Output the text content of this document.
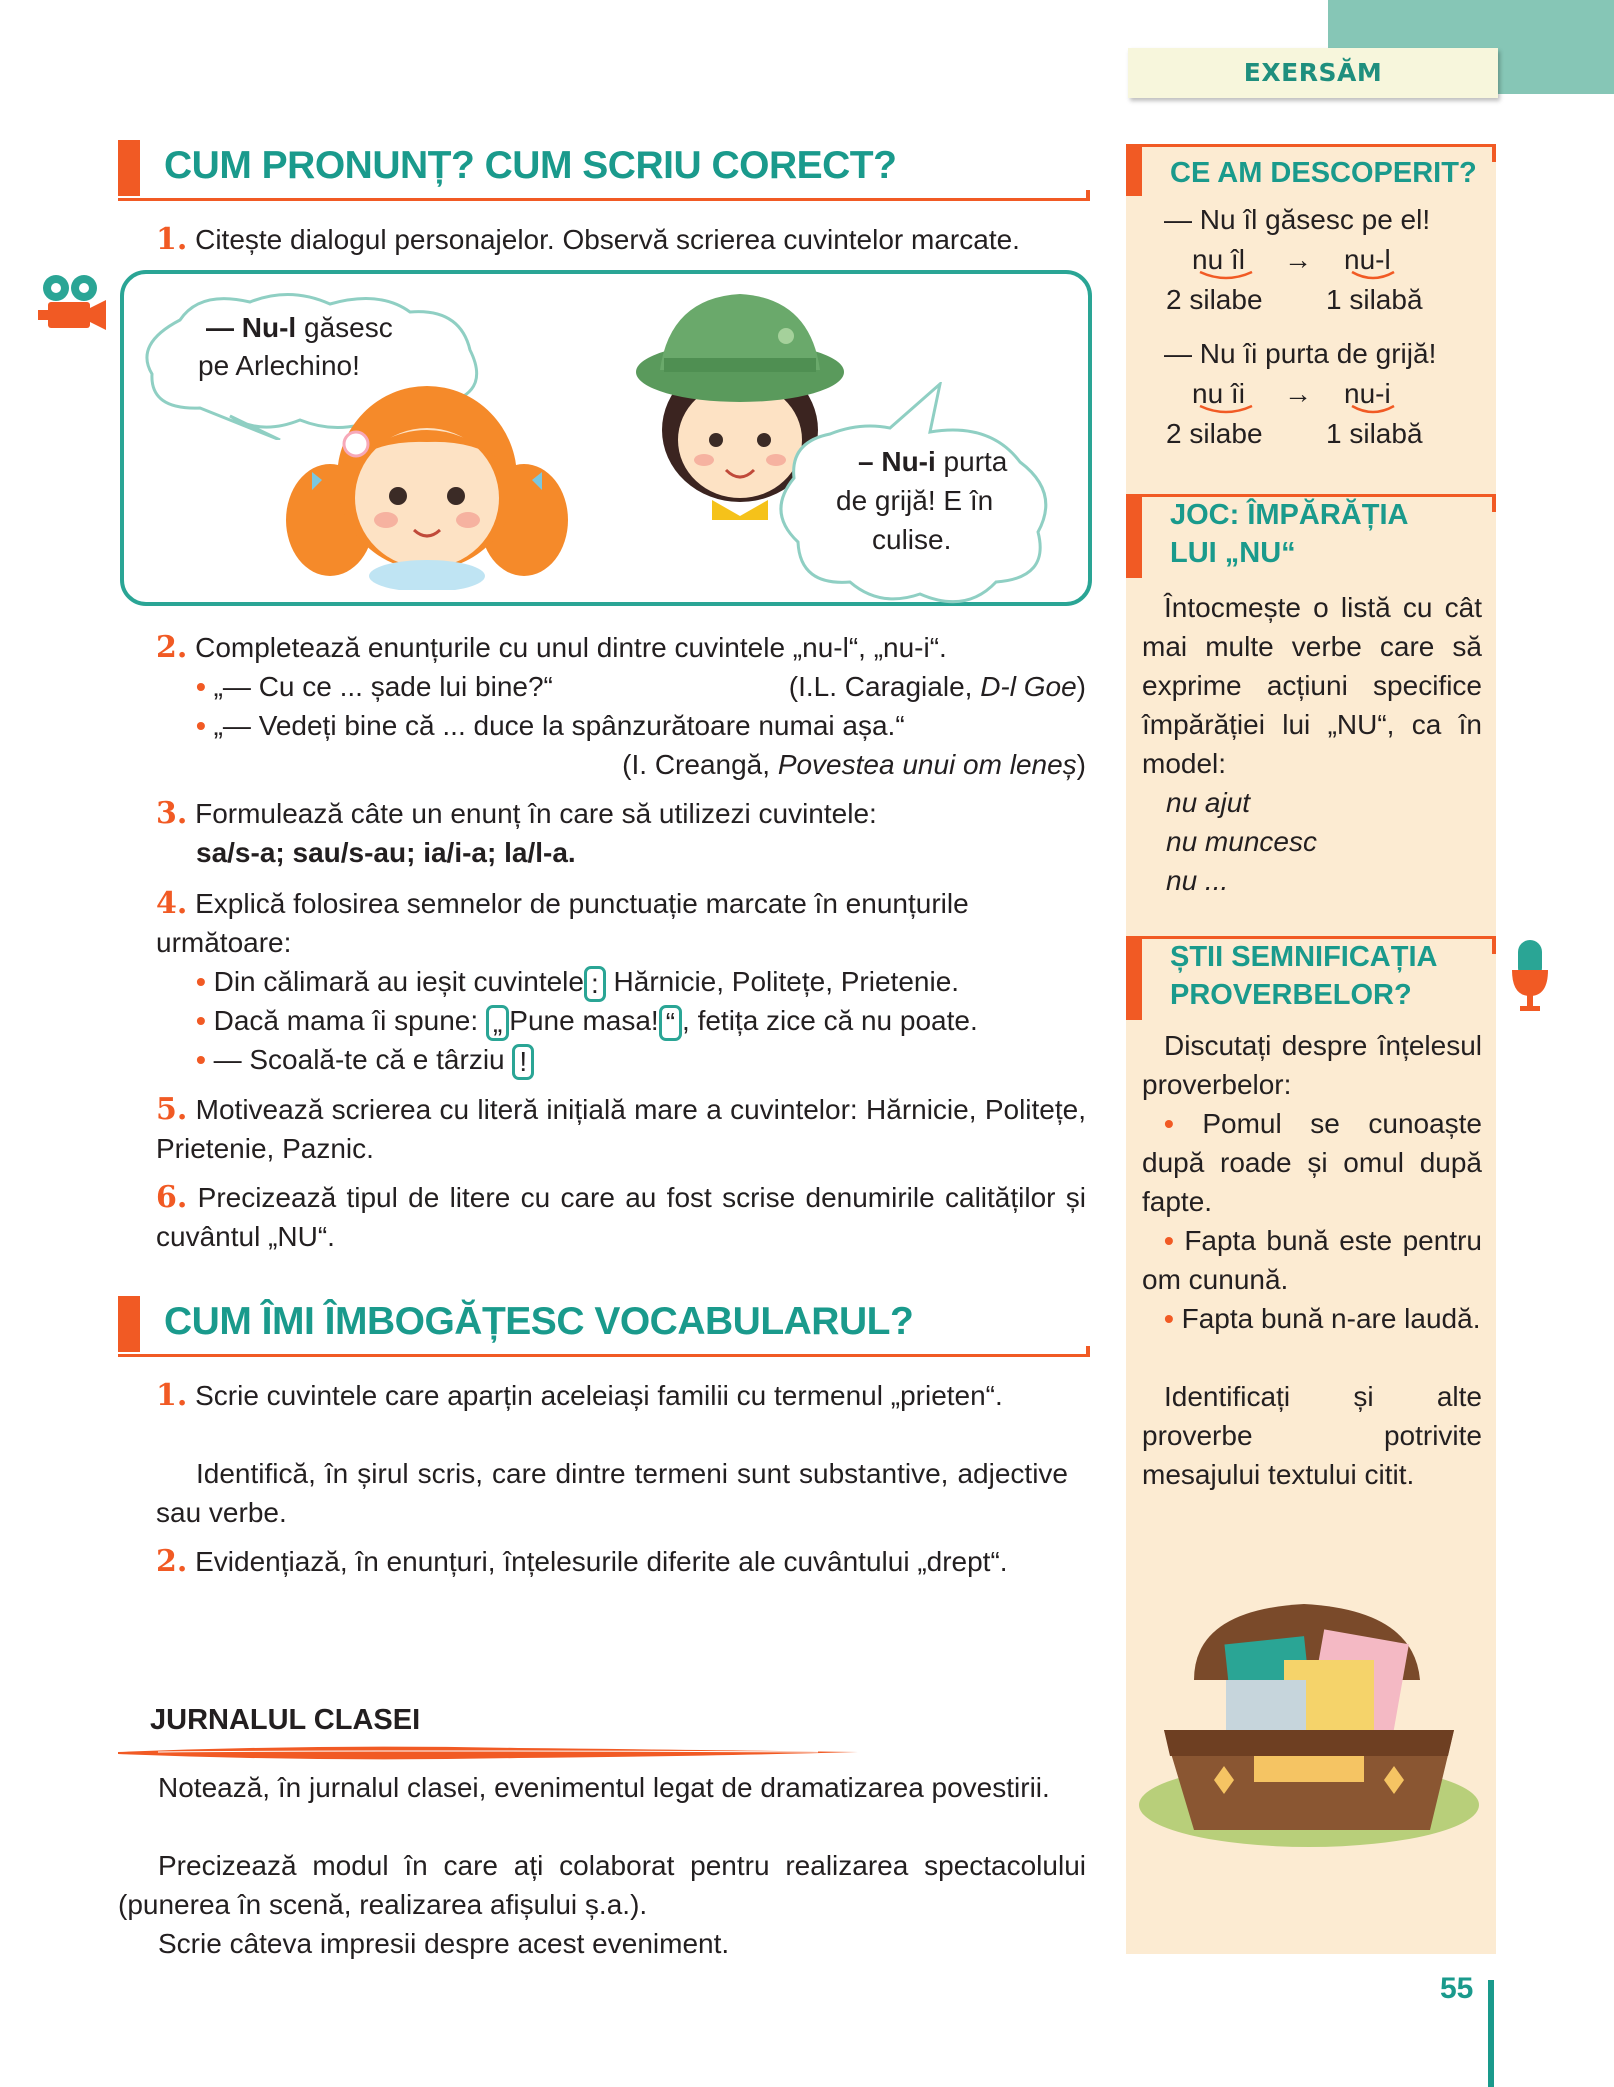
EXERSĂM
CUM PRONUNȚ? CUM SCRIU CORECT?
1. Citește dialogul personajelor. Observă scrierea cuvintelor marcate.
— Nu-l găsesc
pe Arlechino!
– Nu-i purta
de grijă! E în
culise.
2. Completează enunțurile cu unul dintre cuvintele „nu-l“, „nu-i“.
• „— Cu ce ... șade lui bine?“	(I.L. Caragiale, D-l Goe)
• „— Vedeți bine că ... duce la spânzurătoare numai așa.“
(I. Creangă, Povestea unui om leneș)
3. Formulează câte un enunț în care să utilizezi cuvintele:
sa/s-a; sau/s-au; ia/i-a; la/l-a.
4. Explică folosirea semnelor de punctuație marcate în enunțurile următoare:
• Din călimară au ieșit cuvintele : Hărnicie, Politețe, Prietenie.
• Dacă mama îi spune: „ Pune masa! “ , fetița zice că nu poate.
• — Scoală-te că e târziu !
5. Motivează scrierea cu literă inițială mare a cuvintelor: Hărnicie, Politețe, Prietenie, Paznic.
6. Precizează tipul de litere cu care au fost scrise denumirile calităților și cuvântul „NU“.
CUM ÎMI ÎMBOGĂȚESC VOCABULARUL?
1. Scrie cuvintele care aparțin aceleiași familii cu termenul „prieten“.
Identifică, în șirul scris, care dintre termeni sunt substantive, adjective sau verbe.
2. Evidențiază, în enunțuri, înțelesurile diferite ale cuvântului „drept“.
JURNALUL CLASEI
Notează, în jurnalul clasei, evenimentul legat de dramatizarea povestirii.
Precizează modul în care ați colaborat pentru realizarea spectacolului (punerea în scenă, realizarea afișului ș.a.).
Scrie câteva impresii despre acest eveniment.
CE AM DESCOPERIT?
— Nu îl găsesc pe el!
nu îl → nu-l
2 silabe 1 silabă
— Nu îi purta de grijă!
nu îi → nu-i
2 silabe 1 silabă
JOC: ÎMPĂRĂȚIA
LUI „NU“
Întocmește o listă cu cât mai multe verbe care să exprime acțiuni specifice împărăției lui „NU“, ca în model:
nu ajut
nu muncesc
nu ...
ȘTII SEMNIFICAȚIA
PROVERBELOR?
Discutați despre înțelesul proverbelor:
• Pomul se cunoaște după roade și omul după fapte.
• Fapta bună este pentru om cunună.
• Fapta bună n-are laudă.
Identificați și alte proverbe potrivite mesajului textului citit.
55
